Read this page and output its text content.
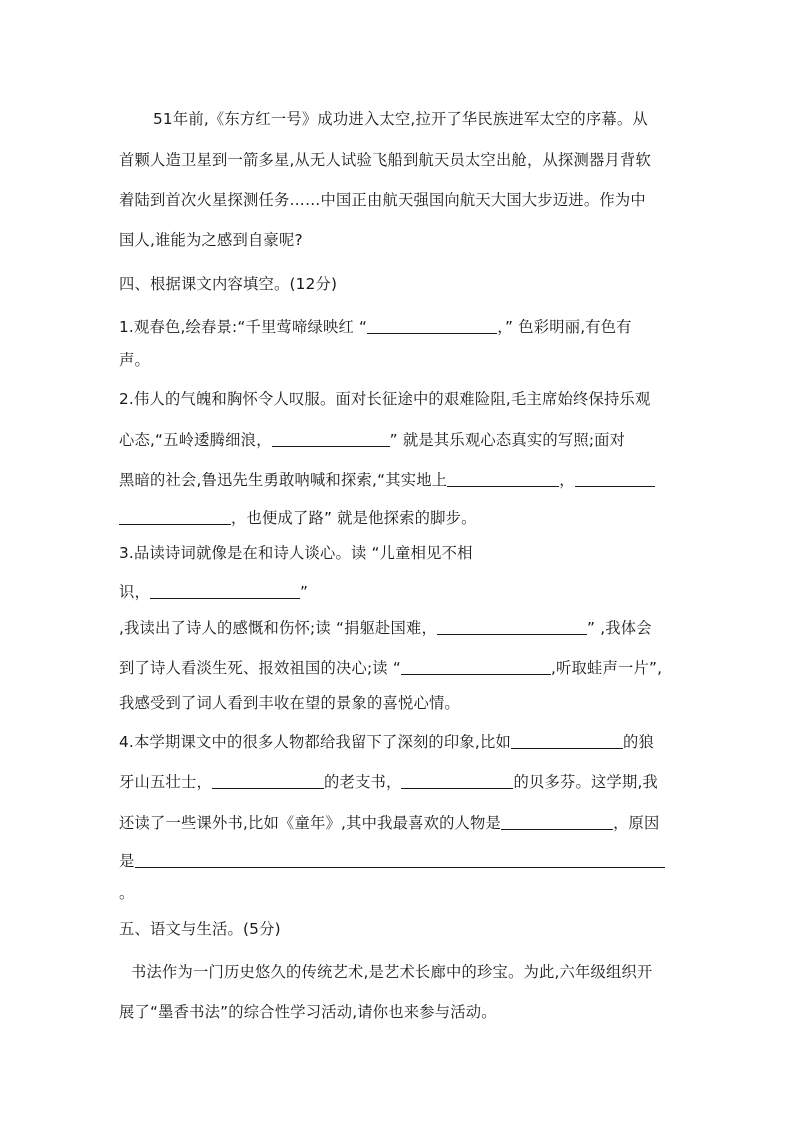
51年前,《东方红一号》成功进入太空,拉开了华民族进军太空的序幕。从
首颗人造卫星到一箭多星,从无人试验飞船到航天员太空出舱，从探测器月背软
着陆到首次火星探测任务……中国正由航天强国向航天大国大步迈进。作为中
国人,谁能为之感到自豪呢?
四、根据课文内容填空。(12分)
1.观春色,绘春景:“千里莺啼绿映红 “	，” 色彩明丽,有色有
声。
2.伟人的气魄和胸怀令人叹服。面对长征途中的艰难险阻,毛主席始终保持乐观
心态,“五岭逶腾细浪，	” 就是其乐观心态真实的写照;面对
黑暗的社会,鲁迅先生勇敢呐喊和探索,“其实地上	，
，也便成了路” 就是他探索的脚步。
3.品读诗词就像是在和诗人谈心。读 “儿童相见不相
识，	”
,我读出了诗人的感慨和伤怀;读 “捐躯赴国难，	” ,我体会
到了诗人看淡生死、报效祖国的决心;读 “	,听取蛙声一片”,
我感受到了词人看到丰收在望的景象的喜悦心情。
4.本学期课文中的很多人物都给我留下了深刻的印象,比如	的狼
牙山五壮士，	的老支书，	的贝多芬。这学期,我
还读了一些课外书,比如《童年》,其中我最喜欢的人物是	，原因
是
。
五、语文与生活。(5分)
书法作为一门历史悠久的传统艺术,是艺术长廊中的珍宝。为此,六年级组织开
展了“墨香书法”的综合性学习活动,请你也来参与活动。
